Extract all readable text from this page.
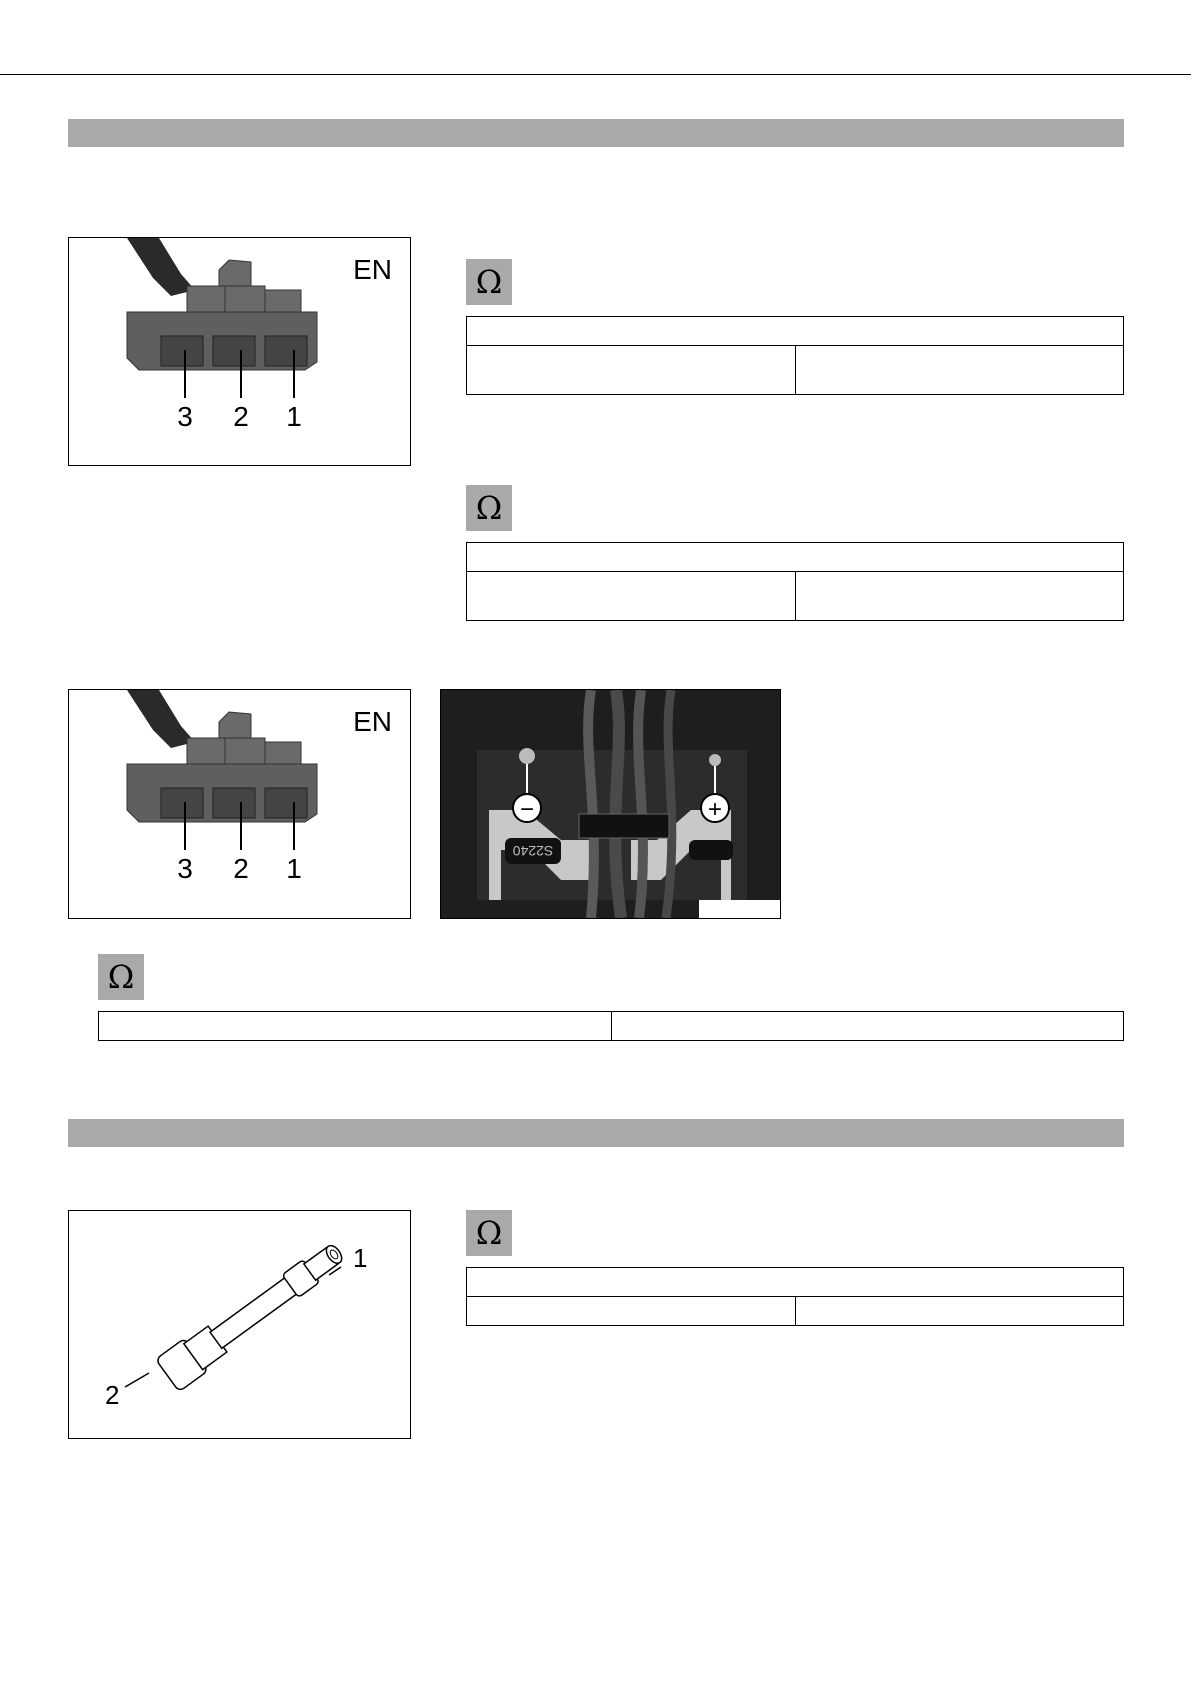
EN
3 2 1
Ω

Ω

EN
3 2 1
S2240
−	+
Ω

1
2
Ω
